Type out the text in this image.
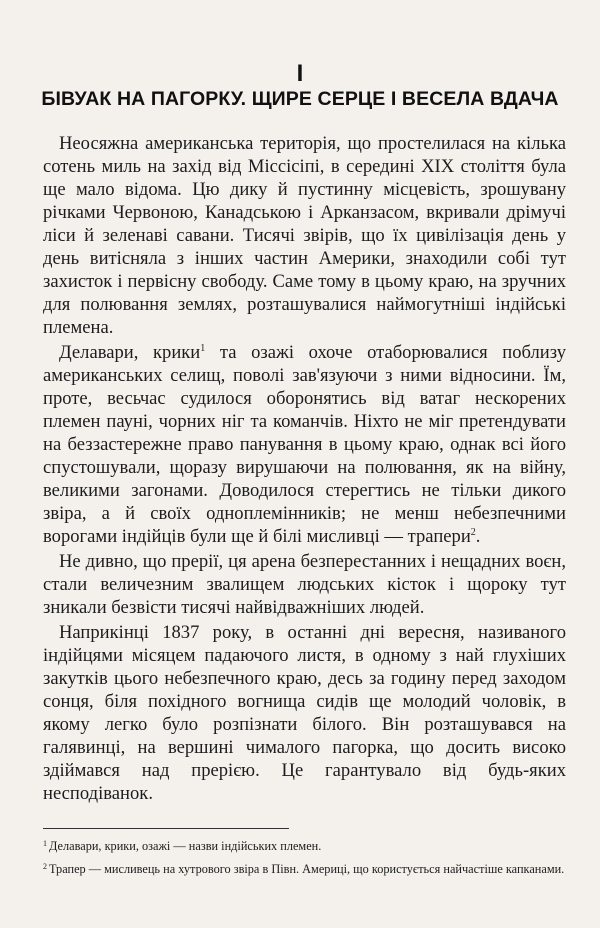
I
БІВУАК НА ПАГОРКУ. ЩИРЕ СЕРЦЕ І ВЕСЕЛА ВДАЧА

Неосяжна американська територія, що простелилася на кілька сотень миль на захід від Міссісіпі, в середині XIX століття була ще мало відома. Цю дику й пустинну місцевість, зрошувану річками Червоною, Канадською і Арканзасом, вкривали дрімучі ліси й зеленаві савани. Тисячі звірів, що їх цивілізація день у день витісняла з інших частин Америки, знаходили собі тут захисток і первісну свободу. Саме тому в цьому краю, на зручних для полювання землях, розташувалися наймогутніші індійські племена.

Делавари, крики$^1$ та озажі охоче отаборювалися поблизу американських селищ, поволі зав'язуючи з ними відносини. Їм, проте, весьчас судилося оборонятись від ватаг нескорених племен пауні, чорних ніг та команчів. Ніхто не міг претендувати на беззастережне право панування в цьому краю, однак всі його спустошували, щоразу вирушаючи на полювання, як на війну, великими загонами. Доводилося стерегтись не тільки дикого звіра, а й своїх одноплемінників; не менш небезпечними ворогами індійців були ще й білі мисливці — трапери$^2$.

Не дивно, що прерії, ця арена безперестанних і нещадних воєн, стали величезним звалищем людських кісток і щороку тут зникали безвісти тисячі найвідважніших людей.

Наприкінці 1837 року, в останні дні вересня, називаного індійцями місяцем падаючого листя, в одному з най глухіших закутків цього небезпечного краю, десь за годину перед заходом сонця, біля похідного вогнища сидів ще молодий чоловік, в якому легко було розпізнати білого. Він розташувався на галявинці, на вершині чималого пагорка, що досить високо здіймався над прерією. Це гарантувало від будь-яких несподіванок.

$^1$ Делавари, крики, озажі — назви індійських племен.

$^2$ Трапер — мисливець на хутрового звіра в Півн. Америці, що користується найчастіше капканами.
